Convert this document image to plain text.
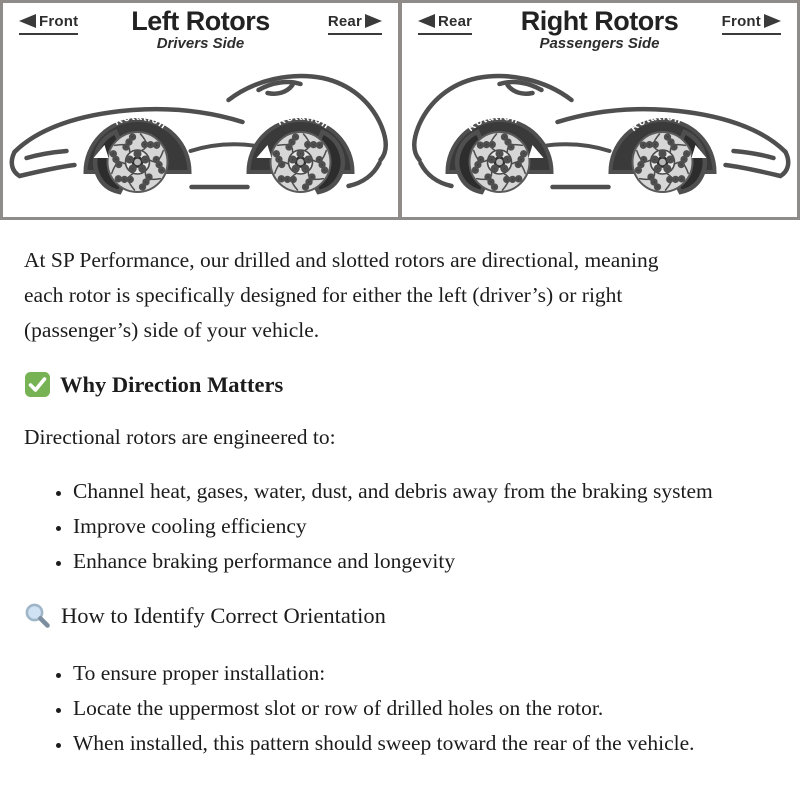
Front	Rear
Left Rotors
Drivers Side
Rotation	Rotation
Rear	Front
Right Rotors
Passengers Side
Rotation	Rotation

At SP Performance, our drilled and slotted rotors are directional, meaning each rotor is specifically designed for either the left (driver’s) or right (passenger’s) side of your vehicle.

Why Direction Matters

Directional rotors are engineered to:

• Channel heat, gases, water, dust, and debris away from the braking system
• Improve cooling efficiency
• Enhance braking performance and longevity
How to Identify Correct Orientation
• To ensure proper installation:
• Locate the uppermost slot or row of drilled holes on the rotor.
• When installed, this pattern should sweep toward the rear of the vehicle.
